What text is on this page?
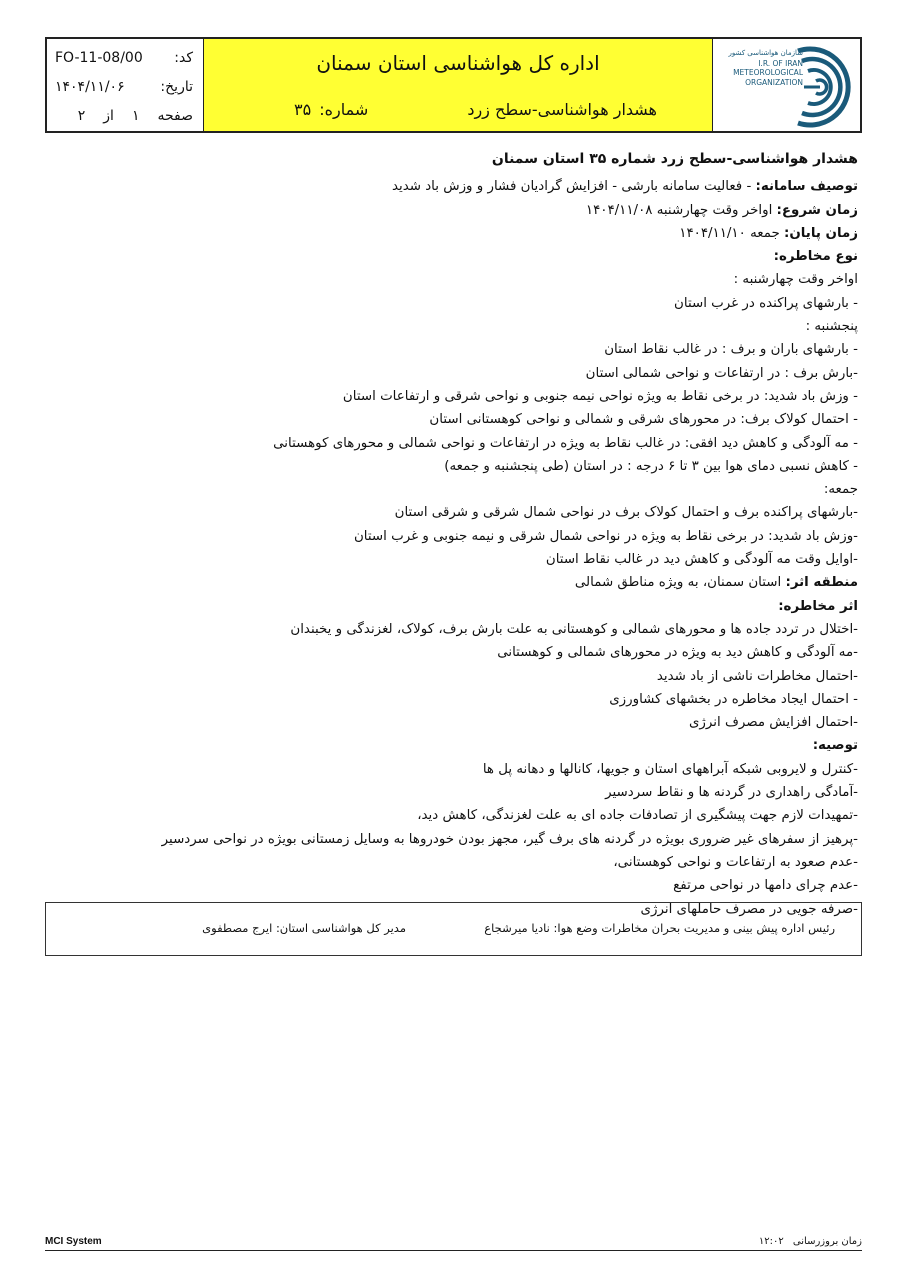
کد:
FO-11-08/00
تاریخ:
۱۴۰۴/۱۱/۰۶
صفحه
۱
از
۲
اداره کل هواشناسی استان سمنان
هشدار هواشناسی-سطح زرد
شماره:
۳۵
سازمان هواشناسی کشور
I.R. OF IRAN
METEOROLOGICAL
ORGANIZATION
هشدار هواشناسی-سطح زرد شماره ۳۵ استان سمنان
توصیف سامانه: - فعالیت سامانه بارشی - افزایش گرادیان فشار و وزش باد شدید
زمان شروع: اواخر وقت چهارشنبه ۱۴۰۴/۱۱/۰۸
زمان پایان: جمعه ۱۴۰۴/۱۱/۱۰
نوع مخاطره:
اواخر وقت چهارشنبه :
- بارشهای پراکنده در غرب استان
پنجشنبه :
- بارشهای باران و برف : در غالب نقاط استان
-بارش برف : در ارتفاعات و نواحی شمالی استان
- وزش باد شدید: در برخی نقاط به ویژه نواحی نیمه جنوبی و نواحی شرقی و ارتفاعات استان
- احتمال کولاک برف: در محورهای شرقی و شمالی و نواحی کوهستانی استان
- مه آلودگی و کاهش دید افقی: در غالب نقاط به ویژه در ارتفاعات و نواحی شمالی و محورهای کوهستانی
- کاهش نسبی دمای هوا بین ۳ تا ۶ درجه : در استان (طی پنجشنبه و جمعه)
جمعه:
-بارشهای پراکنده برف و احتمال کولاک برف در نواحی شمال شرقی و شرقی استان
-وزش باد شدید: در برخی نقاط به ویژه در نواحی شمال شرقی و نیمه جنوبی و غرب استان
-اوایل وقت مه آلودگی و کاهش دید در غالب نقاط استان
منطقه اثر: استان سمنان، به ویژه مناطق شمالی
اثر مخاطره:
-اختلال در تردد جاده ها و محورهای شمالی و کوهستانی به علت بارش برف، کولاک، لغزندگی و یخبندان
-مه آلودگی و کاهش دید به ویژه در محورهای شمالی و کوهستانی
-احتمال مخاطرات ناشی از باد شدید
- احتمال ایجاد مخاطره در بخشهای کشاورزی
-احتمال افزایش مصرف انرژی
توصیه:
-کنترل و لایروبی شبکه آبراههای استان و جویها، کانالها و دهانه پل ها
-آمادگی راهداری در گردنه ها و نقاط سردسیر
-تمهیدات لازم جهت پیشگیری از تصادفات جاده ای به علت لغزندگی، کاهش دید،
-پرهیز از سفرهای غیر ضروری بویژه در گردنه های برف گیر، مجهز بودن خودروها به وسایل زمستانی بویژه در نواحی سردسیر
-عدم صعود به ارتفاعات و نواحی کوهستانی،
-عدم چرای دامها در نواحی مرتفع
-صرفه جویی در مصرف حاملهای انرژی
رئیس اداره پیش بینی و مدیریت بحران مخاطرات وضع هوا: نادیا میرشجاع
مدیر کل هواشناسی استان: ایرج مصطفوی
MCI System	زمان بروزرسانی ۱۲:۰۲
